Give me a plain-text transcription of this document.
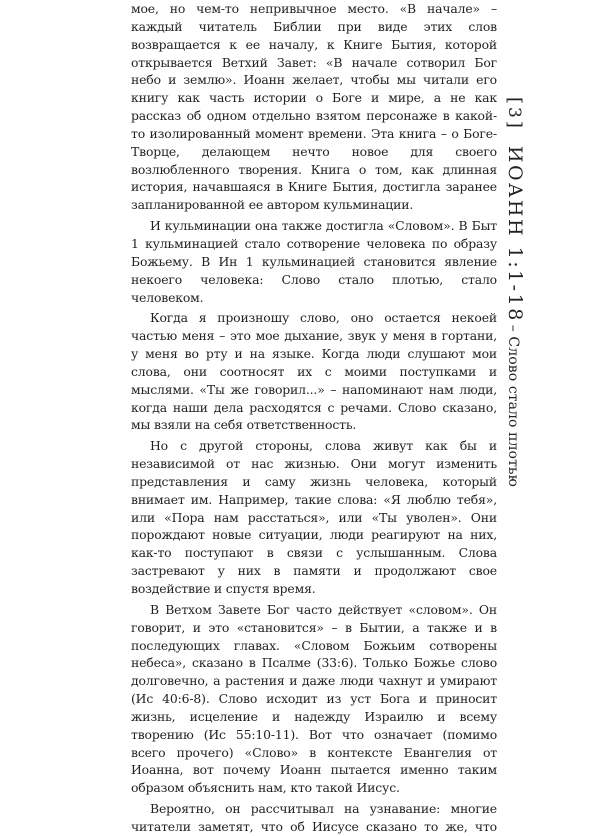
мое, но чем-то непривычное место. «В начале» – каждый читатель Библии при виде этих слов возвращается к ее началу, к Книге Бытия, которой открывается Ветхий Завет: «В начале сотворил Бог небо и землю». Иоанн желает, чтобы мы читали его книгу как часть истории о Боге и мире, а не как рассказ об одном отдельно взятом персонаже в какой-то изолированный момент времени. Эта книга – о Боге-Творце, делающем нечто новое для своего возлюбленного творения. Книга о том, как длинная история, начавшаяся в Книге Бытия, достигла заранее запланированной ее автором кульминации.

И кульминации она также достигла «Словом». В Быт 1 кульминацией стало сотворение человека по образу Божьему. В Ин 1 кульминацией становится явление некоего человека: Слово стало плотью, стало человеком.

Когда я произношу слово, оно остается некоей частью меня – это мое дыхание, звук у меня в гортани, у меня во рту и на языке. Когда люди слушают мои слова, они соотносят их с моими поступками и мыслями. «Ты же говорил...» – напоминают нам люди, когда наши дела расходятся с речами. Слово сказано, мы взяли на себя ответственность.

Но с другой стороны, слова живут как бы и независимой от нас жизнью. Они могут изменить представления и саму жизнь человека, который внимает им. Например, такие слова: «Я люблю тебя», или «Пора нам расстаться», или «Ты уволен». Они порождают новые ситуации, люди реагируют на них, как-то поступают в связи с услышанным. Слова застревают у них в памяти и продолжают свое воздействие и спустя время.

В Ветхом Завете Бог часто действует «словом». Он говорит, и это «становится» – в Бытии, а также и в последующих главах. «Словом Божьим сотворены небеса», сказано в Псалме (33:6). Только Божье слово долговечно, а растения и даже люди чахнут и умирают (Ис 40:6-8). Слово исходит из уст Бога и приносит жизнь, исцеление и надежду Израилю и всему творению (Ис 55:10-11). Вот что означает (помимо всего прочего) «Слово» в контексте Евангелия от Иоанна, вот почему Иоанн пытается именно таким образом объяснить нам, кто такой Иисус.

Вероятно, он рассчитывал на узнавание: многие читатели заметят, что об Иисусе сказано то же, что

[3]
ИОАНН 1:1-18
– Слово стало плотью
